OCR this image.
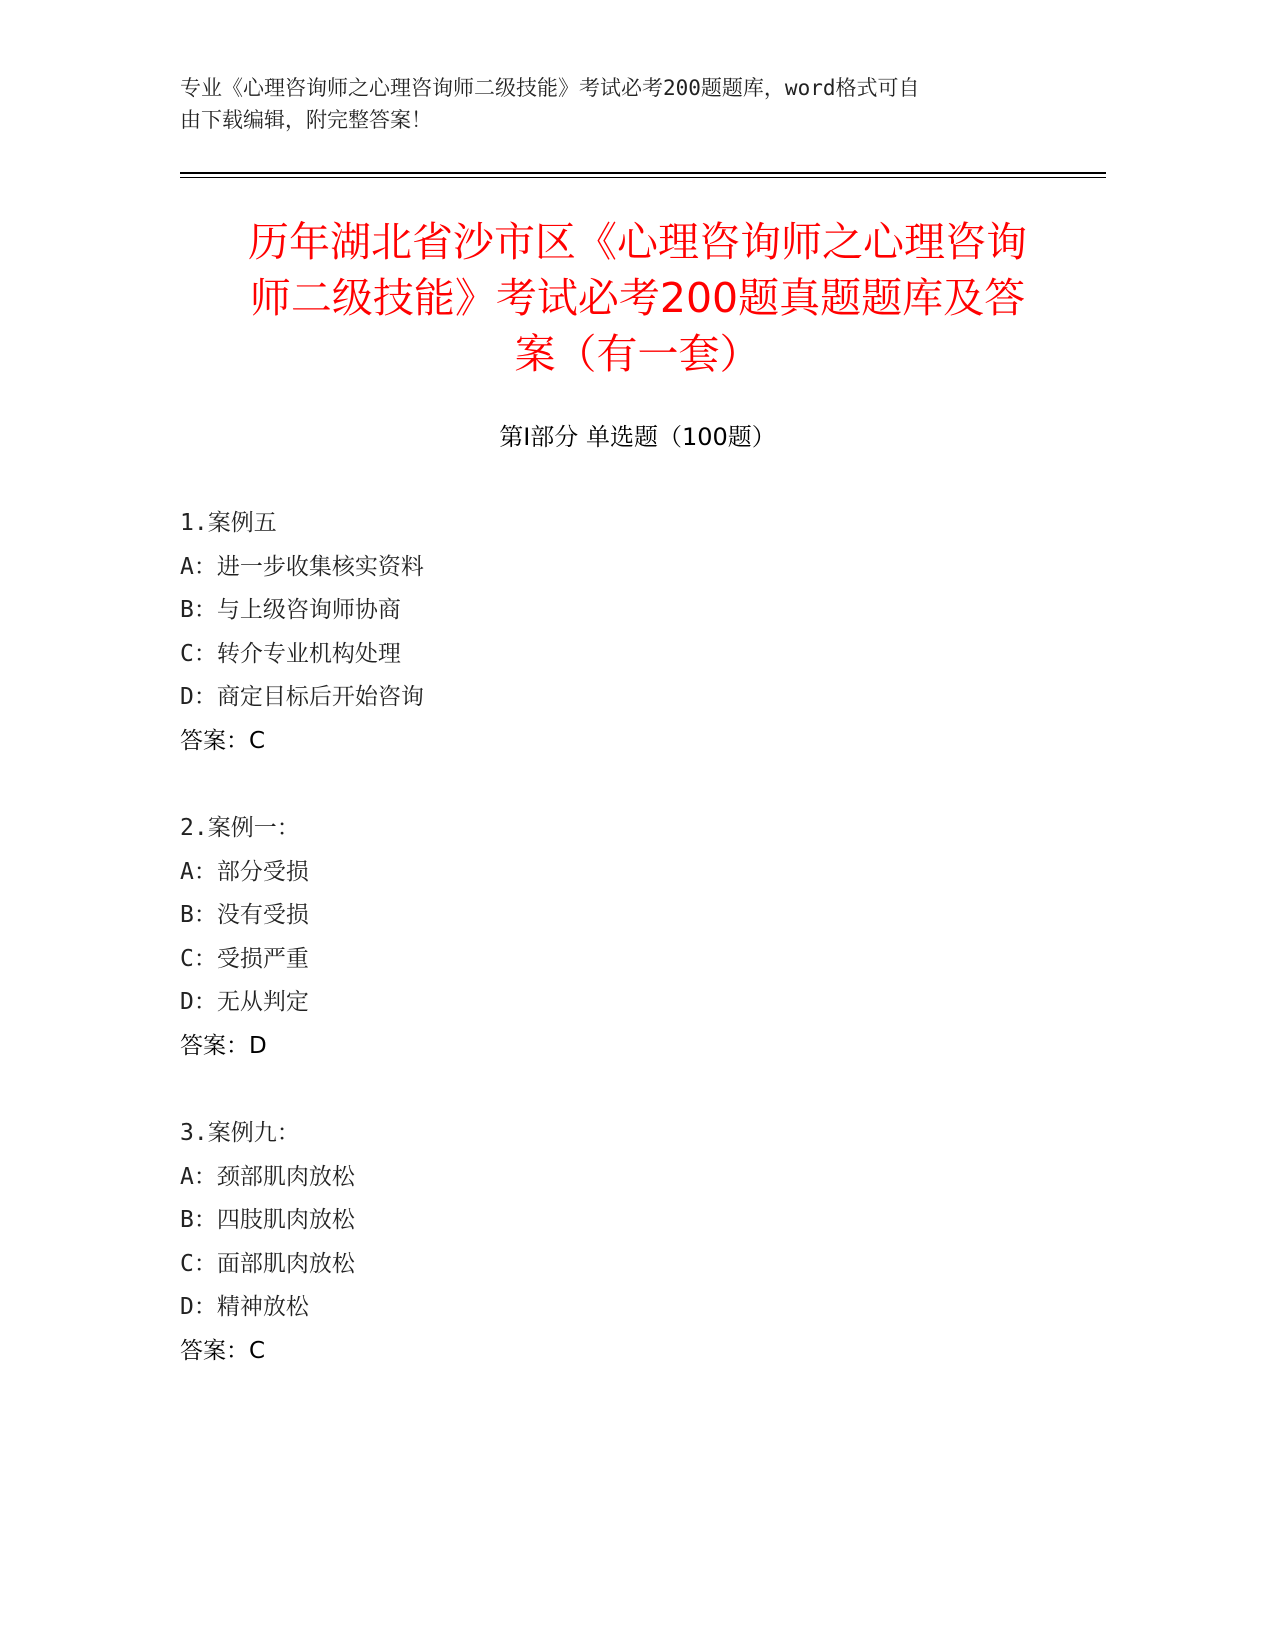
专业《心理咨询师之心理咨询师二级技能》考试必考200题题库，word格式可自
由下载编辑，附完整答案！
历年湖北省沙市区《心理咨询师之心理咨询
师二级技能》考试必考200题真题题库及答
案（有一套）
第Ⅰ部分 单选题（100题）
1.案例五
A：进一步收集核实资料
B：与上级咨询师协商
C：转介专业机构处理
D：商定目标后开始咨询
答案：C
2.案例一：
A：部分受损
B：没有受损
C：受损严重
D：无从判定
答案：D
3.案例九：
A：颈部肌肉放松
B：四肢肌肉放松
C：面部肌肉放松
D：精神放松
答案：C
